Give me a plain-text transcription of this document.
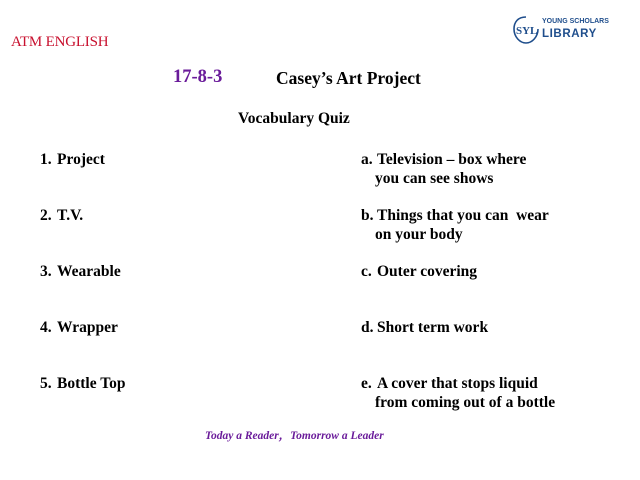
ATM ENGLISH
SYL
YOUNG SCHOLARS
LIBRARY
17-8-3	Casey’s Art Project
Vocabulary Quiz
1. Project
2. T.V.
3. Wearable
4. Wrapper
5. Bottle Top
a. Television – box where
you can see shows
b. Things that you can  wear
on your body
c. Outer covering
d. Short term work
e. A cover that stops liquid
from coming out of a bottle
Today a Reader，Tomorrow a Leader
